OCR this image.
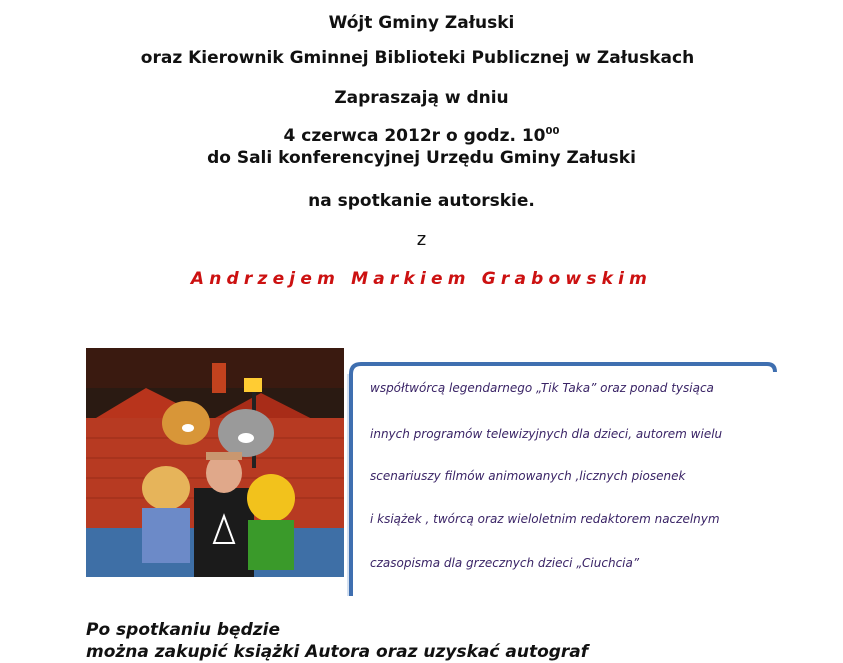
Wójt Gminy Załuski
oraz Kierownik Gminnej Biblioteki Publicznej w Załuskach
Zapraszają w dniu
4 czerwca 2012r o godz. $10^{00}$
do Sali konferencyjnej Urzędu Gminy Załuski
na spotkanie autorskie.
z
Andrzejem Markiem Grabowskim
współtwórcą legendarnego „Tik Taka” oraz ponad tysiąca
innych programów telewizyjnych dla dzieci, autorem wielu
scenariuszy filmów animowanych ,licznych piosenek
i książek , twórcą oraz wieloletnim redaktorem naczelnym
czasopisma dla grzecznych dzieci „Ciuchcia”
Po spotkaniu będzie
można zakupić książki Autora oraz uzyskać autograf
